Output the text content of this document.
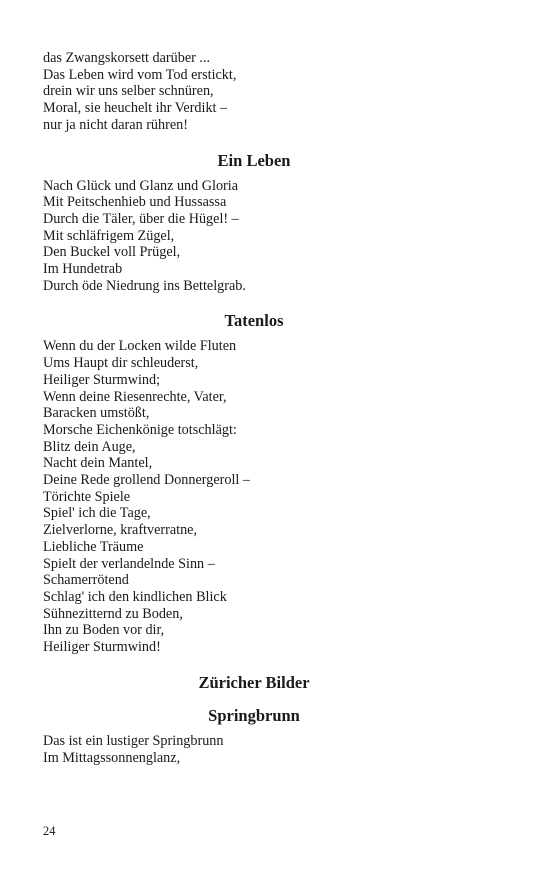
das Zwangskorsett darüber ...
Das Leben wird vom Tod erstickt,
drein wir uns selber schnüren,
Moral, sie heuchelt ihr Verdikt –
nur ja nicht daran rühren!
Ein Leben
Nach Glück und Glanz und Gloria
Mit Peitschenhieb und Hussassa
Durch die Täler, über die Hügel! –
Mit schläfrigem Zügel,
Den Buckel voll Prügel,
Im Hundetrab
Durch öde Niedrung ins Bettelgrab.
Tatenlos
Wenn du der Locken wilde Fluten
Ums Haupt dir schleuderst,
Heiliger Sturmwind;
Wenn deine Riesenrechte, Vater,
Baracken umstößt,
Morsche Eichenkönige totschlägt:
Blitz dein Auge,
Nacht dein Mantel,
Deine Rede grollend Donnergeroll –
Törichte Spiele
Spiel' ich die Tage,
Zielverlorne, kraftverratne,
Liebliche Träume
Spielt der verlandelnde Sinn –
Schamerrötend
Schlag' ich den kindlichen Blick
Sühnezitternd zu Boden,
Ihn zu Boden vor dir,
Heiliger Sturmwind!
Züricher Bilder
Springbrunn
Das ist ein lustiger Springbrunn
Im Mittagssonnenglanz,
24
